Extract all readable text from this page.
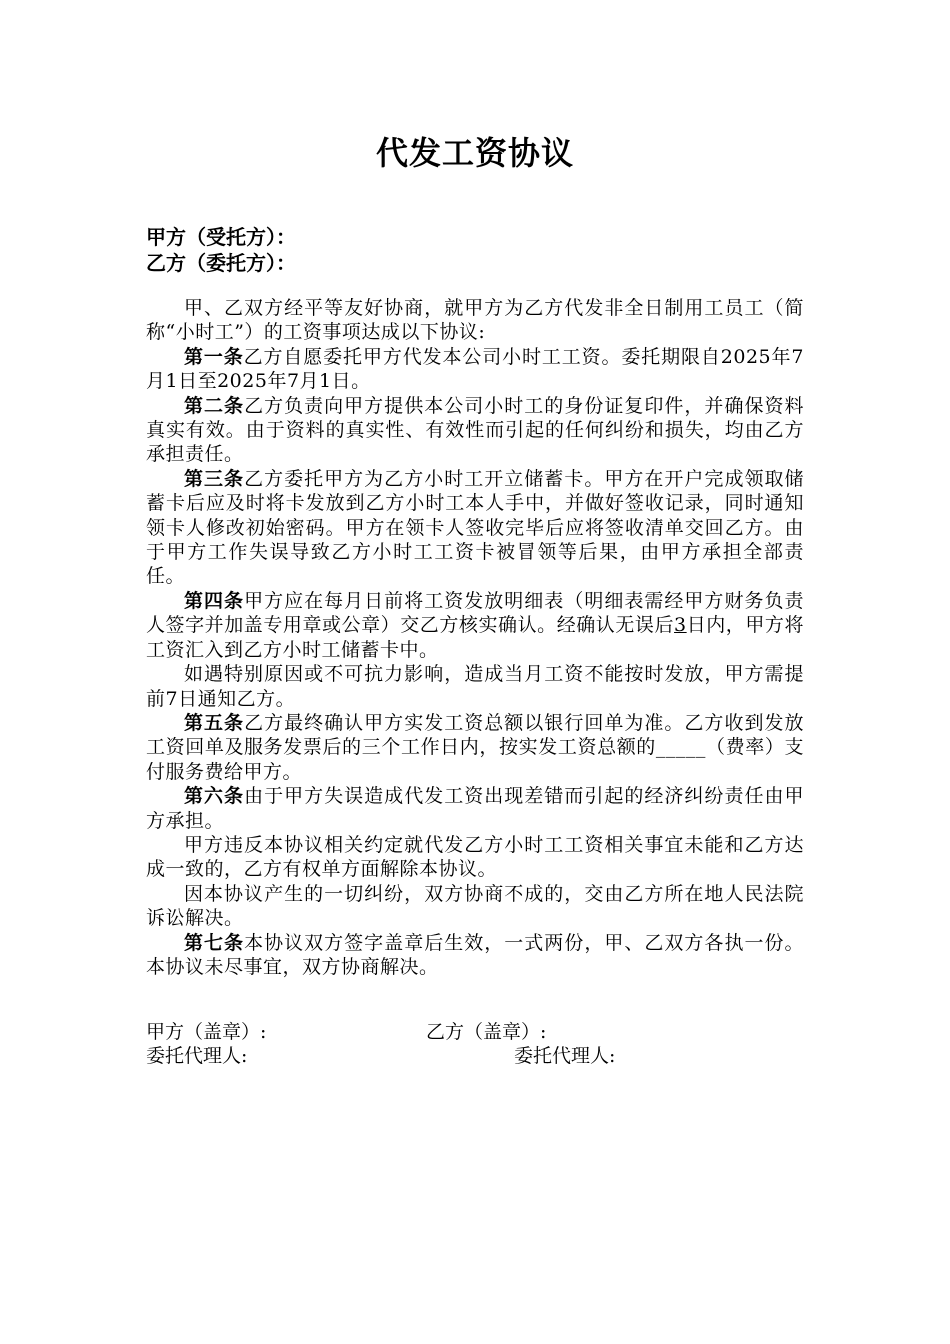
代发工资协议
甲方（受托方）：
乙方（委托方）：

甲、乙双方经平等友好协商，就甲方为乙方代发非全日制用工员工（简称“小时工”）的工资事项达成以下协议:

第一条乙方自愿委托甲方代发本公司小时工工资。委托期限自2025年7月1日至2025年7月1日。

第二条乙方负责向甲方提供本公司小时工的身份证复印件，并确保资料真实有效。由于资料的真实性、有效性而引起的任何纠纷和损失，均由乙方承担责任。

第三条乙方委托甲方为乙方小时工开立储蓄卡。甲方在开户完成领取储蓄卡后应及时将卡发放到乙方小时工本人手中，并做好签收记录，同时通知领卡人修改初始密码。甲方在领卡人签收完毕后应将签收清单交回乙方。由于甲方工作失误导致乙方小时工工资卡被冒领等后果，由甲方承担全部责任。

第四条甲方应在每月日前将工资发放明细表（明细表需经甲方财务负责人签字并加盖专用章或公章）交乙方核实确认。经确认无误后3日内，甲方将工资汇入到乙方小时工储蓄卡中。

如遇特别原因或不可抗力影响，造成当月工资不能按时发放，甲方需提前7日通知乙方。

第五条乙方最终确认甲方实发工资总额以银行回单为准。乙方收到发放工资回单及服务发票后的三个工作日内，按实发工资总额的_____（费率）支付服务费给甲方。

第六条由于甲方失误造成代发工资出现差错而引起的经济纠纷责任由甲方承担。

甲方违反本协议相关约定就代发乙方小时工工资相关事宜未能和乙方达成一致的，乙方有权单方面解除本协议。

因本协议产生的一切纠纷，双方协商不成的，交由乙方所在地人民法院诉讼解决。

第七条本协议双方签字盖章后生效，一式两份，甲、乙双方各执一份。本协议未尽事宜，双方协商解决。

甲方（盖章）:	乙方（盖章）:
委托代理人:	委托代理人:
